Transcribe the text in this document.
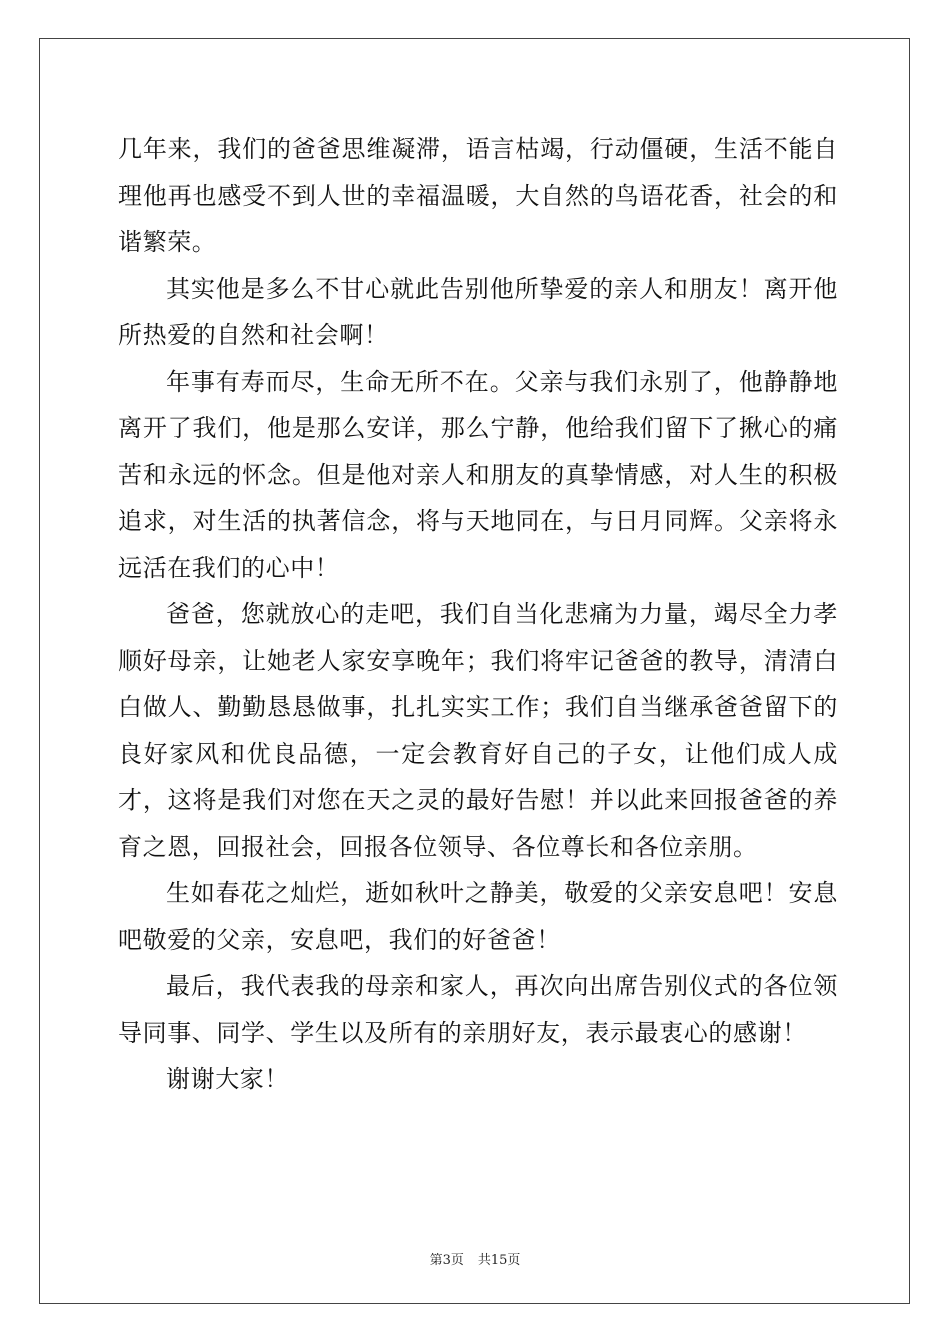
几年来，我们的爸爸思维凝滞，语言枯竭，行动僵硬，生活不能自理他再也感受不到人世的幸福温暖，大自然的鸟语花香，社会的和谐繁荣。

其实他是多么不甘心就此告别他所挚爱的亲人和朋友！离开他所热爱的自然和社会啊！

年事有寿而尽，生命无所不在。父亲与我们永别了，他静静地离开了我们，他是那么安详，那么宁静，他给我们留下了揪心的痛苦和永远的怀念。但是他对亲人和朋友的真挚情感，对人生的积极追求，对生活的执著信念，将与天地同在，与日月同辉。父亲将永远活在我们的心中！

爸爸，您就放心的走吧，我们自当化悲痛为力量，竭尽全力孝顺好母亲，让她老人家安享晚年；我们将牢记爸爸的教导，清清白白做人、勤勤恳恳做事，扎扎实实工作；我们自当继承爸爸留下的良好家风和优良品德，一定会教育好自己的子女，让他们成人成才，这将是我们对您在天之灵的最好告慰！并以此来回报爸爸的养育之恩，回报社会，回报各位领导、各位尊长和各位亲朋。

生如春花之灿烂，逝如秋叶之静美，敬爱的父亲安息吧！安息吧敬爱的父亲，安息吧，我们的好爸爸！

最后，我代表我的母亲和家人，再次向出席告别仪式的各位领导同事、同学、学生以及所有的亲朋好友，表示最衷心的感谢！

谢谢大家！

第3页 共15页
